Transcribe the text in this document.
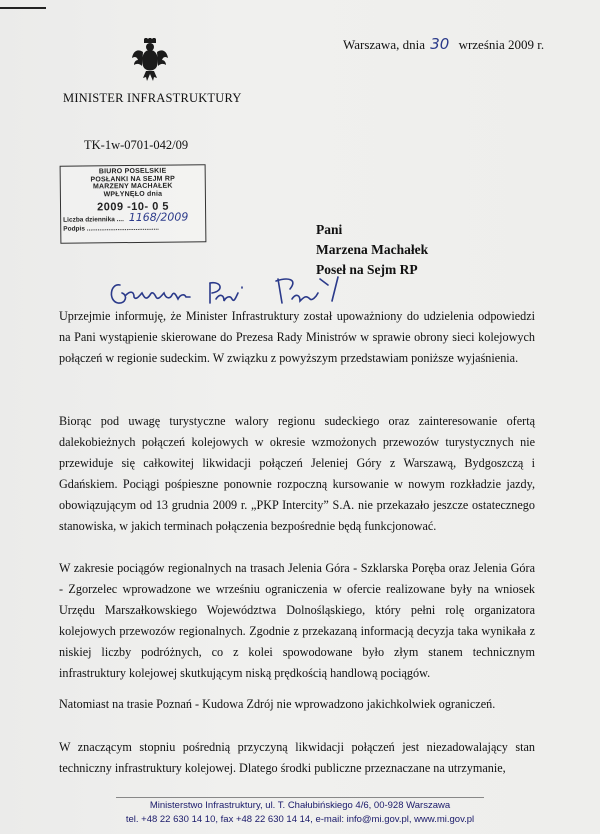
MINISTER INFRASTRUKTURY
Warszawa, dnia 30 września 2009 r.
TK-1w-0701-042/09
BIURO POSELSKIE
POSŁANKI NA SEJM RP
MARZENY MACHAŁEK
WPŁYNĘŁO dnia
2009 -10- 0 5
Liczba dziennika .... 1168/2009
Podpis ........................................	Pani
Marzena Machałek
Poseł na Sejm RP

Uprzejmie informuję, że Minister Infrastruktury został upoważniony do udzielenia odpowiedzi na Pani wystąpienie skierowane do Prezesa Rady Ministrów w sprawie obrony sieci kolejowych połączeń w regionie sudeckim. W związku z powyższym przedstawiam poniższe wyjaśnienia.

Biorąc pod uwagę turystyczne walory regionu sudeckiego oraz zainteresowanie ofertą dalekobieżnych połączeń kolejowych w okresie wzmożonych przewozów turystycznych nie przewiduje się całkowitej likwidacji połączeń Jeleniej Góry z Warszawą, Bydgoszczą i Gdańskiem. Pociągi pośpieszne ponownie rozpoczną kursowanie w nowym rozkładzie jazdy, obowiązującym od 13 grudnia 2009 r. „PKP Intercity” S.A. nie przekazało jeszcze ostatecznego stanowiska, w jakich terminach połączenia bezpośrednie będą funkcjonować.

W zakresie pociągów regionalnych na trasach Jelenia Góra - Szklarska Poręba oraz Jelenia Góra - Zgorzelec wprowadzone we wrześniu ograniczenia w ofercie realizowane były na wniosek Urzędu Marszałkowskiego Województwa Dolnośląskiego, który pełni rolę organizatora kolejowych przewozów regionalnych. Zgodnie z przekazaną informacją decyzja taka wynikała z niskiej liczby podróżnych, co z kolei spowodowane było złym stanem technicznym infrastruktury kolejowej skutkującym niską prędkością handlową pociągów.

Natomiast na trasie Poznań - Kudowa Zdrój nie wprowadzono jakichkolwiek ograniczeń.

W znaczącym stopniu pośrednią przyczyną likwidacji połączeń jest niezadowalający stan techniczny infrastruktury kolejowej. Dlatego środki publiczne przeznaczane na utrzymanie,

Ministerstwo Infrastruktury, ul. T. Chałubińskiego 4/6, 00-928 Warszawa
tel. +48 22 630 14 10, fax +48 22 630 14 14, e-mail: info@mi.gov.pl, www.mi.gov.pl
